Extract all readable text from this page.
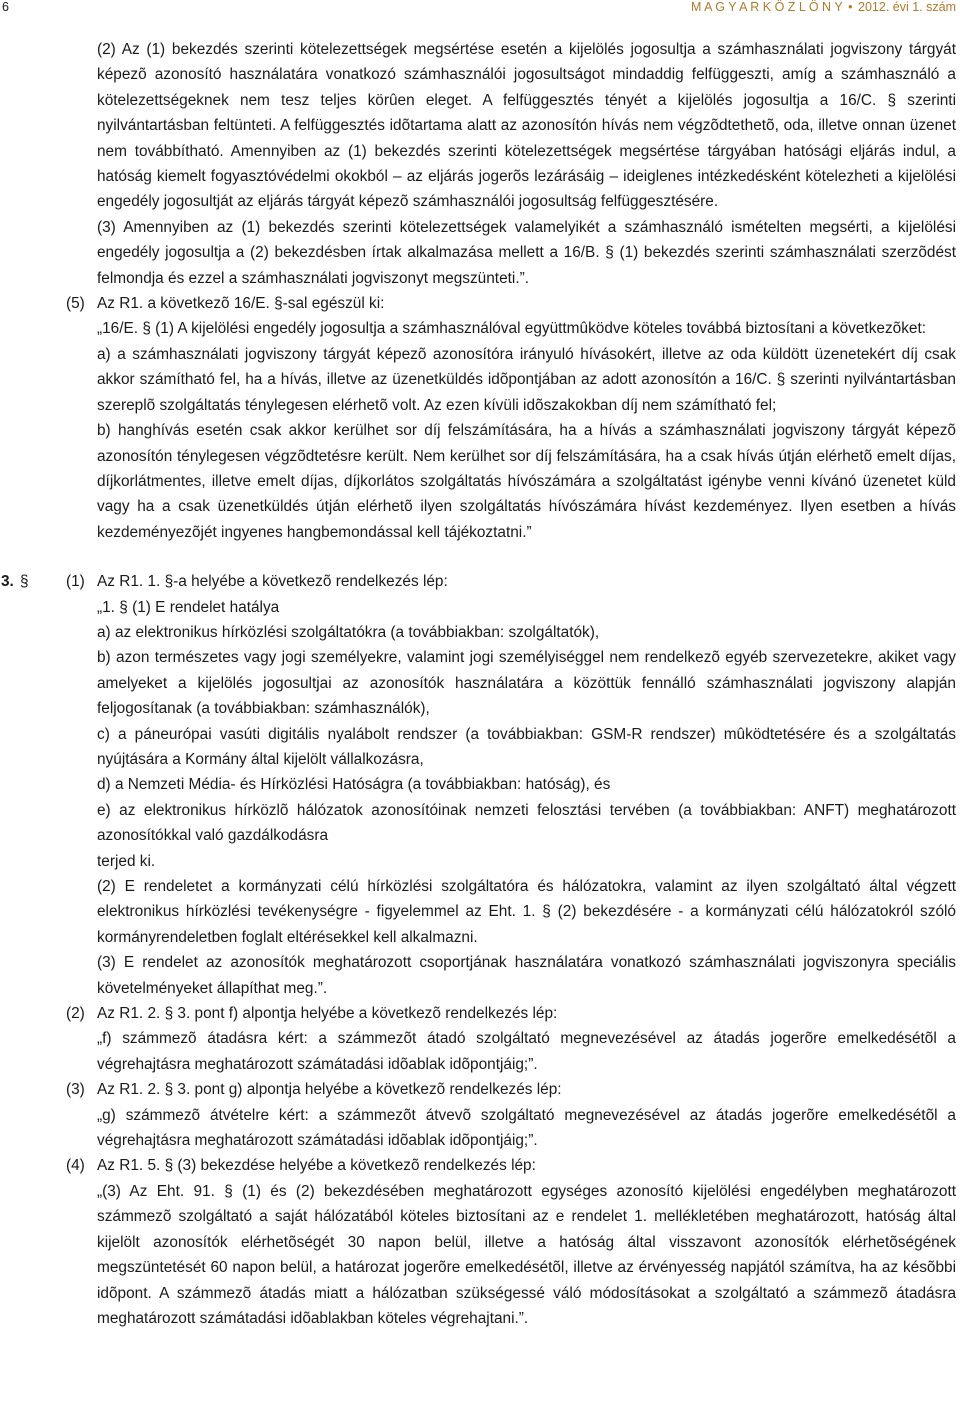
6	M A G Y A R K Ö Z L Ö N Y • 2012. évi 1. szám
(2) Az (1) bekezdés szerinti kötelezettségek megsértése esetén a kijelölés jogosultja a számhasználati jogviszony tárgyát képezõ azonosító használatára vonatkozó számhasználói jogosultságot mindaddig felfüggeszti, amíg a számhasználó a kötelezettségeknek nem tesz teljes körûen eleget. A felfüggesztés tényét a kijelölés jogosultja a 16/C. § szerinti nyilvántartásban feltünteti. A felfüggesztés idõtartama alatt az azonosítón hívás nem végzõdtethetõ, oda, illetve onnan üzenet nem továbbítható. Amennyiben az (1) bekezdés szerinti kötelezettségek megsértése tárgyában hatósági eljárás indul, a hatóság kiemelt fogyasztóvédelmi okokból – az eljárás jogerõs lezárásáig – ideiglenes intézkedésként kötelezheti a kijelölési engedély jogosultját az eljárás tárgyát képezõ számhasználói jogosultság felfüggesztésére.
(3) Amennyiben az (1) bekezdés szerinti kötelezettségek valamelyikét a számhasználó ismételten megsérti, a kijelölési engedély jogosultja a (2) bekezdésben írtak alkalmazása mellett a 16/B. § (1) bekezdés szerinti számhasználati szerzõdést felmondja és ezzel a számhasználati jogviszonyt megszünteti.”.
(5) Az R1. a következõ 16/E. §-sal egészül ki:
„16/E. § (1) A kijelölési engedély jogosultja a számhasználóval együttmûködve köteles továbbá biztosítani a következõket:
a) a számhasználati jogviszony tárgyát képezõ azonosítóra irányuló hívásokért, illetve az oda küldött üzenetekért díj csak akkor számítható fel, ha a hívás, illetve az üzenetküldés idõpontjában az adott azonosítón a 16/C. § szerinti nyilvántartásban szereplõ szolgáltatás ténylegesen elérhetõ volt. Az ezen kívüli idõszakokban díj nem számítható fel;
b) hanghívás esetén csak akkor kerülhet sor díj felszámítására, ha a hívás a számhasználati jogviszony tárgyát képezõ azonosítón ténylegesen végzõdtetésre került. Nem kerülhet sor díj felszámítására, ha a csak hívás útján elérhetõ emelt díjas, díjkorlátmentes, illetve emelt díjas, díjkorlátos szolgáltatás hívószámára a szolgáltatást igénybe venni kívánó üzenetet küld vagy ha a csak üzenetküldés útján elérhetõ ilyen szolgáltatás hívószámára hívást kezdeményez. Ilyen esetben a hívás kezdeményezõjét ingyenes hangbemondással kell tájékoztatni.”
3. § (1) Az R1. 1. §-a helyébe a következõ rendelkezés lép:
„1. § (1) E rendelet hatálya
a) az elektronikus hírközlési szolgáltatókra (a továbbiakban: szolgáltatók),
b) azon természetes vagy jogi személyekre, valamint jogi személyiséggel nem rendelkezõ egyéb szervezetekre, akiket vagy amelyeket a kijelölés jogosultjai az azonosítók használatára a közöttük fennálló számhasználati jogviszony alapján feljogosítanak (a továbbiakban: számhasználók),
c) a páneurópai vasúti digitális nyalábolt rendszer (a továbbiakban: GSM-R rendszer) mûködtetésére és a szolgáltatás nyújtására a Kormány által kijelölt vállalkozásra,
d) a Nemzeti Média- és Hírközlési Hatóságra (a továbbiakban: hatóság), és
e) az elektronikus hírközlõ hálózatok azonosítóinak nemzeti felosztási tervében (a továbbiakban: ANFT) meghatározott azonosítókkal való gazdálkodásra
terjed ki.
(2) E rendeletet a kormányzati célú hírközlési szolgáltatóra és hálózatokra, valamint az ilyen szolgáltató által végzett elektronikus hírközlési tevékenységre - figyelemmel az Eht. 1. § (2) bekezdésére - a kormányzati célú hálózatokról szóló kormányrendeletben foglalt eltérésekkel kell alkalmazni.
(3) E rendelet az azonosítók meghatározott csoportjának használatára vonatkozó számhasználati jogviszonyra speciális követelményeket állapíthat meg.”.
(2) Az R1. 2. § 3. pont f) alpontja helyébe a következõ rendelkezés lép:
„f) számmezõ átadásra kért: a számmezõt átadó szolgáltató megnevezésével az átadás jogerõre emelkedésétõl a végrehajtásra meghatározott számátadási idõablak idõpontjáig;”.
(3) Az R1. 2. § 3. pont g) alpontja helyébe a következõ rendelkezés lép:
„g) számmezõ átvételre kért: a számmezõt átvevõ szolgáltató megnevezésével az átadás jogerõre emelkedésétõl a végrehajtásra meghatározott számátadási idõablak idõpontjáig;”.
(4) Az R1. 5. § (3) bekezdése helyébe a következõ rendelkezés lép:
„(3) Az Eht. 91. § (1) és (2) bekezdésében meghatározott egységes azonosító kijelölési engedélyben meghatározott számmezõ szolgáltató a saját hálózatából köteles biztosítani az e rendelet 1. mellékletében meghatározott, hatóság által kijelölt azonosítók elérhetõségét 30 napon belül, illetve a hatóság által visszavont azonosítók elérhetõségének megszüntetését 60 napon belül, a határozat jogerõre emelkedésétõl, illetve az érvényesség napjától számítva, ha az késõbbi idõpont. A számmezõ átadás miatt a hálózatban szükségessé váló módosításokat a szolgáltató a számmezõ átadásra meghatározott számátadási idõablakban köteles végrehajtani.”.
